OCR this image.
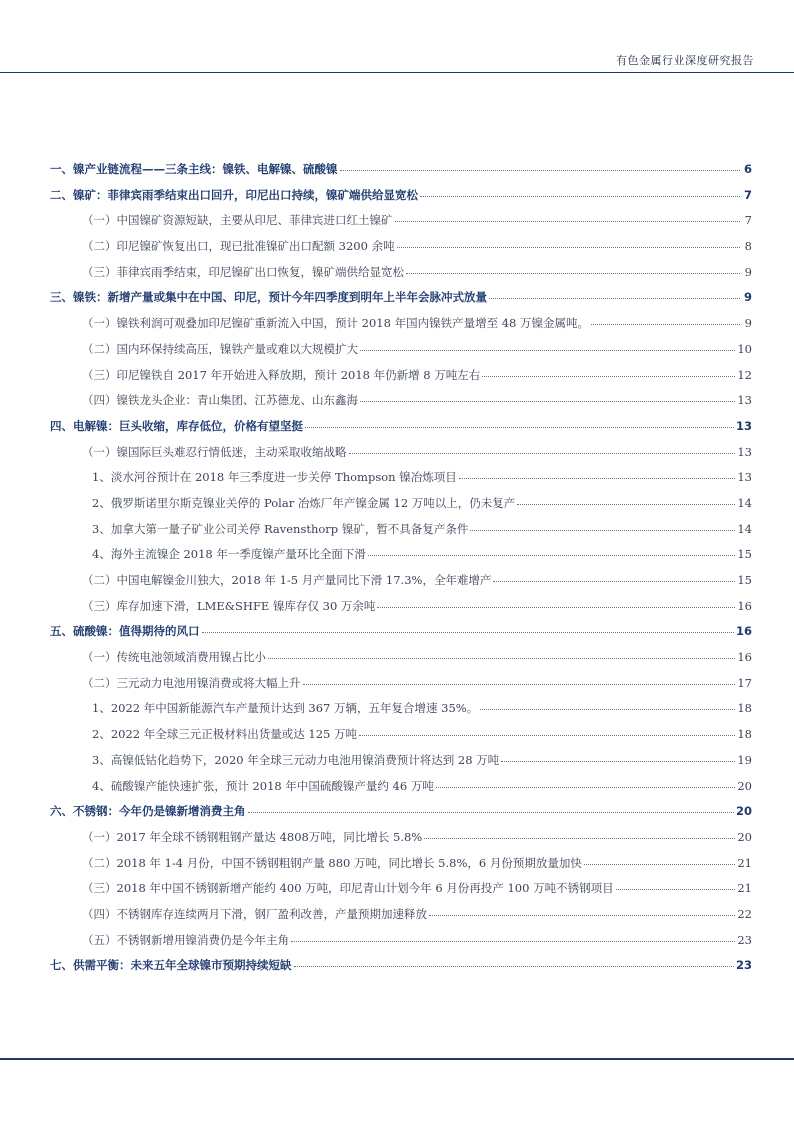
有色金属行业深度研究报告
一、镍产业链流程——三条主线：镍铁、电解镍、硫酸镍	6
二、镍矿：菲律宾雨季结束出口回升，印尼出口持续，镍矿端供给显宽松	7
（一）中国镍矿资源短缺，主要从印尼、菲律宾进口红土镍矿	7
（二）印尼镍矿恢复出口，现已批准镍矿出口配额 3200 余吨	8
（三）菲律宾雨季结束，印尼镍矿出口恢复，镍矿端供给显宽松	9
三、镍铁：新增产量或集中在中国、印尼，预计今年四季度到明年上半年会脉冲式放量	9
（一）镍铁利润可观叠加印尼镍矿重新流入中国，预计 2018 年国内镍铁产量增至 48 万镍金属吨。	9
（二）国内环保持续高压，镍铁产量或难以大规模扩大	10
（三）印尼镍铁自 2017 年开始进入释放期，预计 2018 年仍新增 8 万吨左右	12
（四）镍铁龙头企业：青山集团、江苏德龙、山东鑫海	13
四、电解镍：巨头收缩，库存低位，价格有望坚挺	13
（一）镍国际巨头难忍行情低迷，主动采取收缩战略	13
1、淡水河谷预计在 2018 年三季度进一步关停 Thompson 镍冶炼项目	13
2、俄罗斯诺里尔斯克镍业关停的 Polar 冶炼厂年产镍金属 12 万吨以上，仍未复产	14
3、加拿大第一量子矿业公司关停 Ravensthorp 镍矿，暂不具备复产条件	14
4、海外主流镍企 2018 年一季度镍产量环比全面下滑	15
（二）中国电解镍金川独大，2018 年 1-5 月产量同比下滑 17.3%，全年难增产	15
（三）库存加速下滑，LME&SHFE 镍库存仅 30 万余吨	16
五、硫酸镍：值得期待的风口	16
（一）传统电池领域消费用镍占比小	16
（二）三元动力电池用镍消费或将大幅上升	17
1、2022 年中国新能源汽车产量预计达到 367 万辆，五年复合增速 35%。	18
2、2022 年全球三元正极材料出货量或达 125 万吨	18
3、高镍低钴化趋势下，2020 年全球三元动力电池用镍消费预计将达到 28 万吨	19
4、硫酸镍产能快速扩张，预计 2018 年中国硫酸镍产量约 46 万吨	20
六、不锈钢：今年仍是镍新增消费主角	20
（一）2017 年全球不锈钢粗钢产量达 4808万吨，同比增长 5.8%	20
（二）2018 年 1-4 月份，中国不锈钢粗钢产量 880 万吨，同比增长 5.8%，6 月份预期放量加快	21
（三）2018 年中国不锈钢新增产能约 400 万吨，印尼青山计划今年 6 月份再投产 100 万吨不锈钢项目	21
（四）不锈钢库存连续两月下滑，钢厂盈利改善，产量预期加速释放	22
（五）不锈钢新增用镍消费仍是今年主角	23
七、供需平衡：未来五年全球镍市预期持续短缺	23
